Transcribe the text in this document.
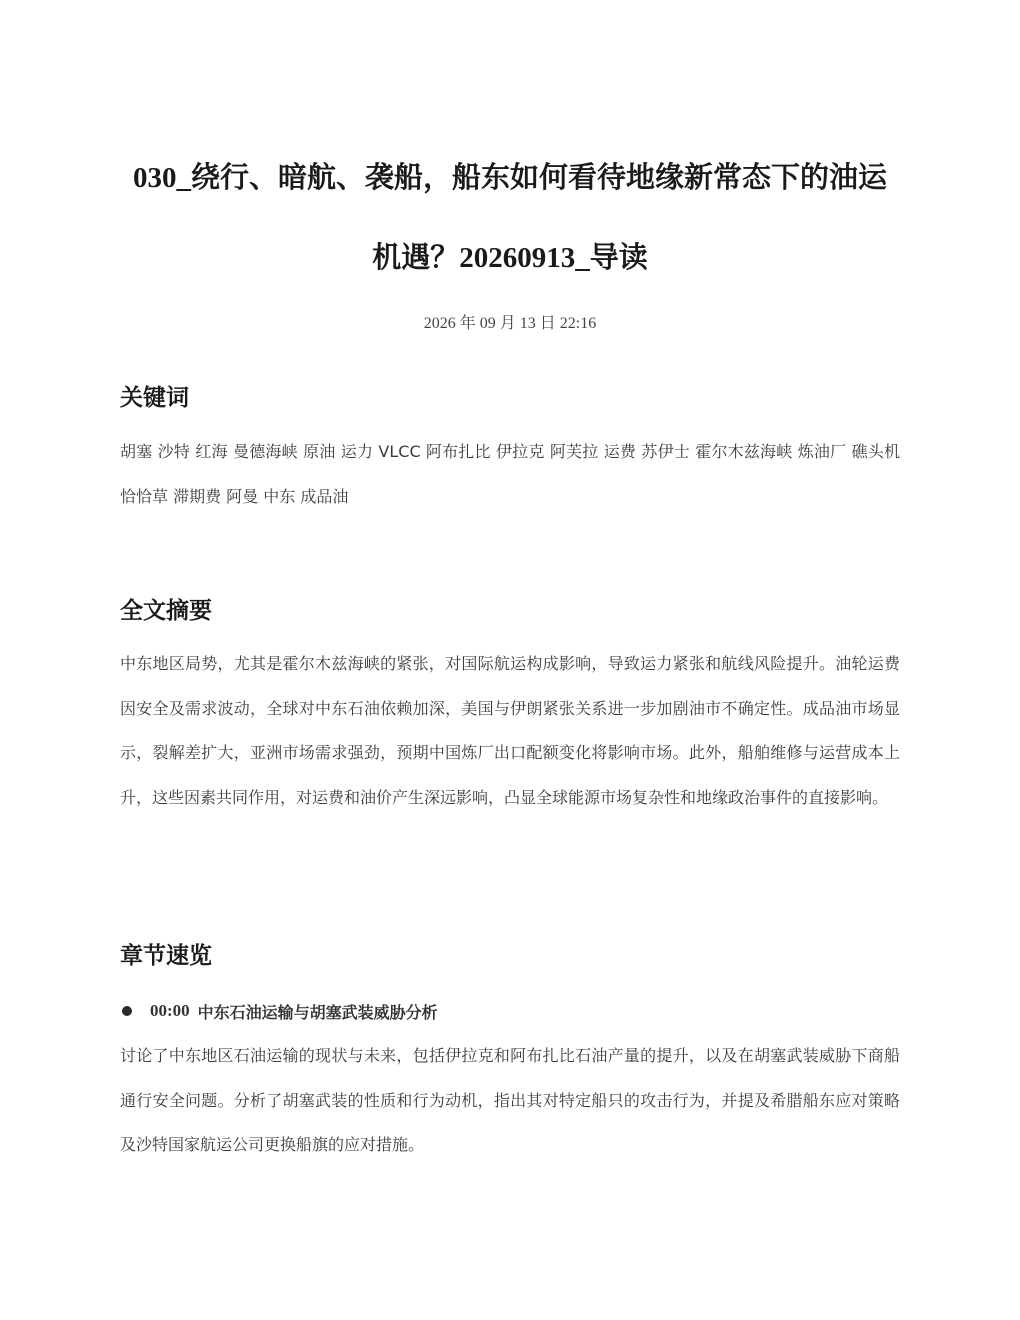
030_绕行、暗航、袭船，船东如何看待地缘新常态下的油运机遇？20260913_导读
2026 年 09 月 13 日 22:16
关键词

胡塞 沙特 红海 曼德海峡 原油 运力 VLCC 阿布扎比 伊拉克 阿芙拉 运费 苏伊士 霍尔木兹海峡 炼油厂 礁头机 恰恰草 滞期费 阿曼 中东 成品油

全文摘要

中东地区局势，尤其是霍尔木兹海峡的紧张，对国际航运构成影响，导致运力紧张和航线风险提升。油轮运费因安全及需求波动，全球对中东石油依赖加深，美国与伊朗紧张关系进一步加剧油市不确定性。成品油市场显示，裂解差扩大，亚洲市场需求强劲，预期中国炼厂出口配额变化将影响市场。此外，船舶维修与运营成本上升，这些因素共同作用，对运费和油价产生深远影响，凸显全球能源市场复杂性和地缘政治事件的直接影响。

章节速览
00:00 中东石油运输与胡塞武装威胁分析

讨论了中东地区石油运输的现状与未来，包括伊拉克和阿布扎比石油产量的提升，以及在胡塞武装威胁下商船通行安全问题。分析了胡塞武装的性质和行为动机，指出其对特定船只的攻击行为，并提及希腊船东应对策略及沙特国家航运公司更换船旗的应对措施。
